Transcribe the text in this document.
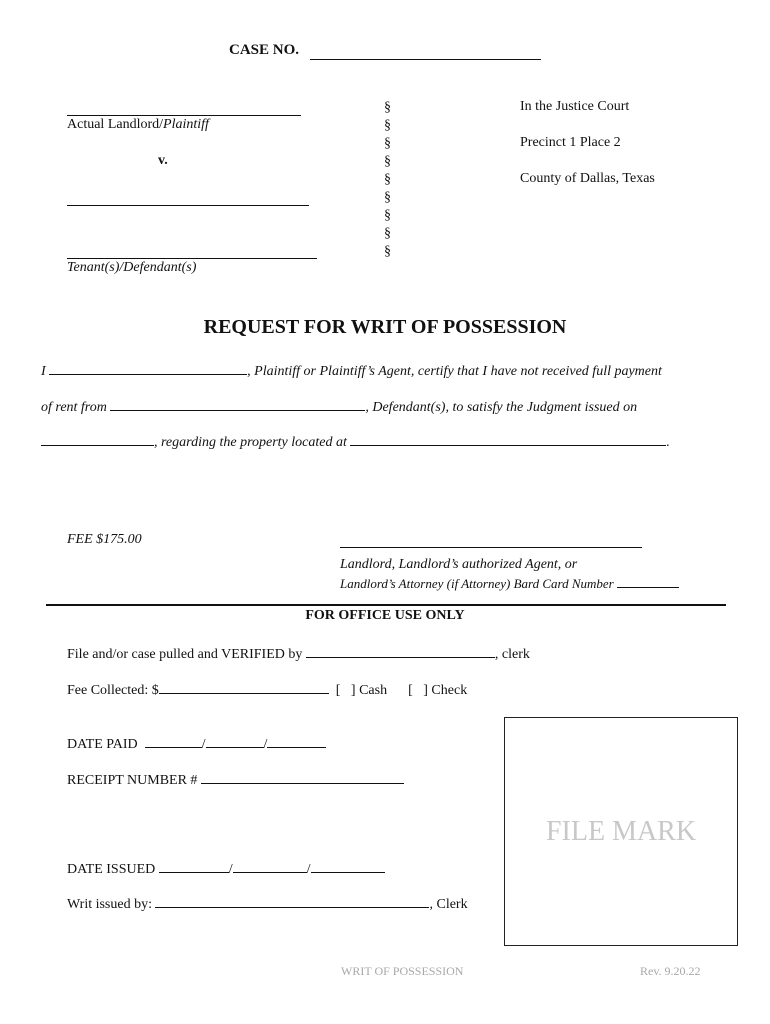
CASE NO.
Actual Landlord/Plaintiff
v.
Tenant(s)/Defendant(s)
§
§
§
§
§
§
§
§
§
In the Justice Court
Precinct 1 Place 2
County of Dallas, Texas
REQUEST FOR WRIT OF POSSESSION
I	, Plaintiff or Plaintiff’s Agent, certify that I have not received full payment
of rent from	, Defendant(s), to satisfy the Judgment issued on
, regarding the property located at	.
FEE $175.00
Landlord, Landlord’s authorized Agent, or
Landlord’s Attorney (if Attorney) Bard Card Number
FOR OFFICE USE ONLY
File and/or case pulled and VERIFIED by	, clerk
Fee Collected: $	[   ] Cash [   ] Check
DATE PAID	/	/
RECEIPT NUMBER #
DATE ISSUED	/	/
Writ issued by:	, Clerk
FILE MARK
WRIT OF POSSESSION	Rev. 9.20.22
